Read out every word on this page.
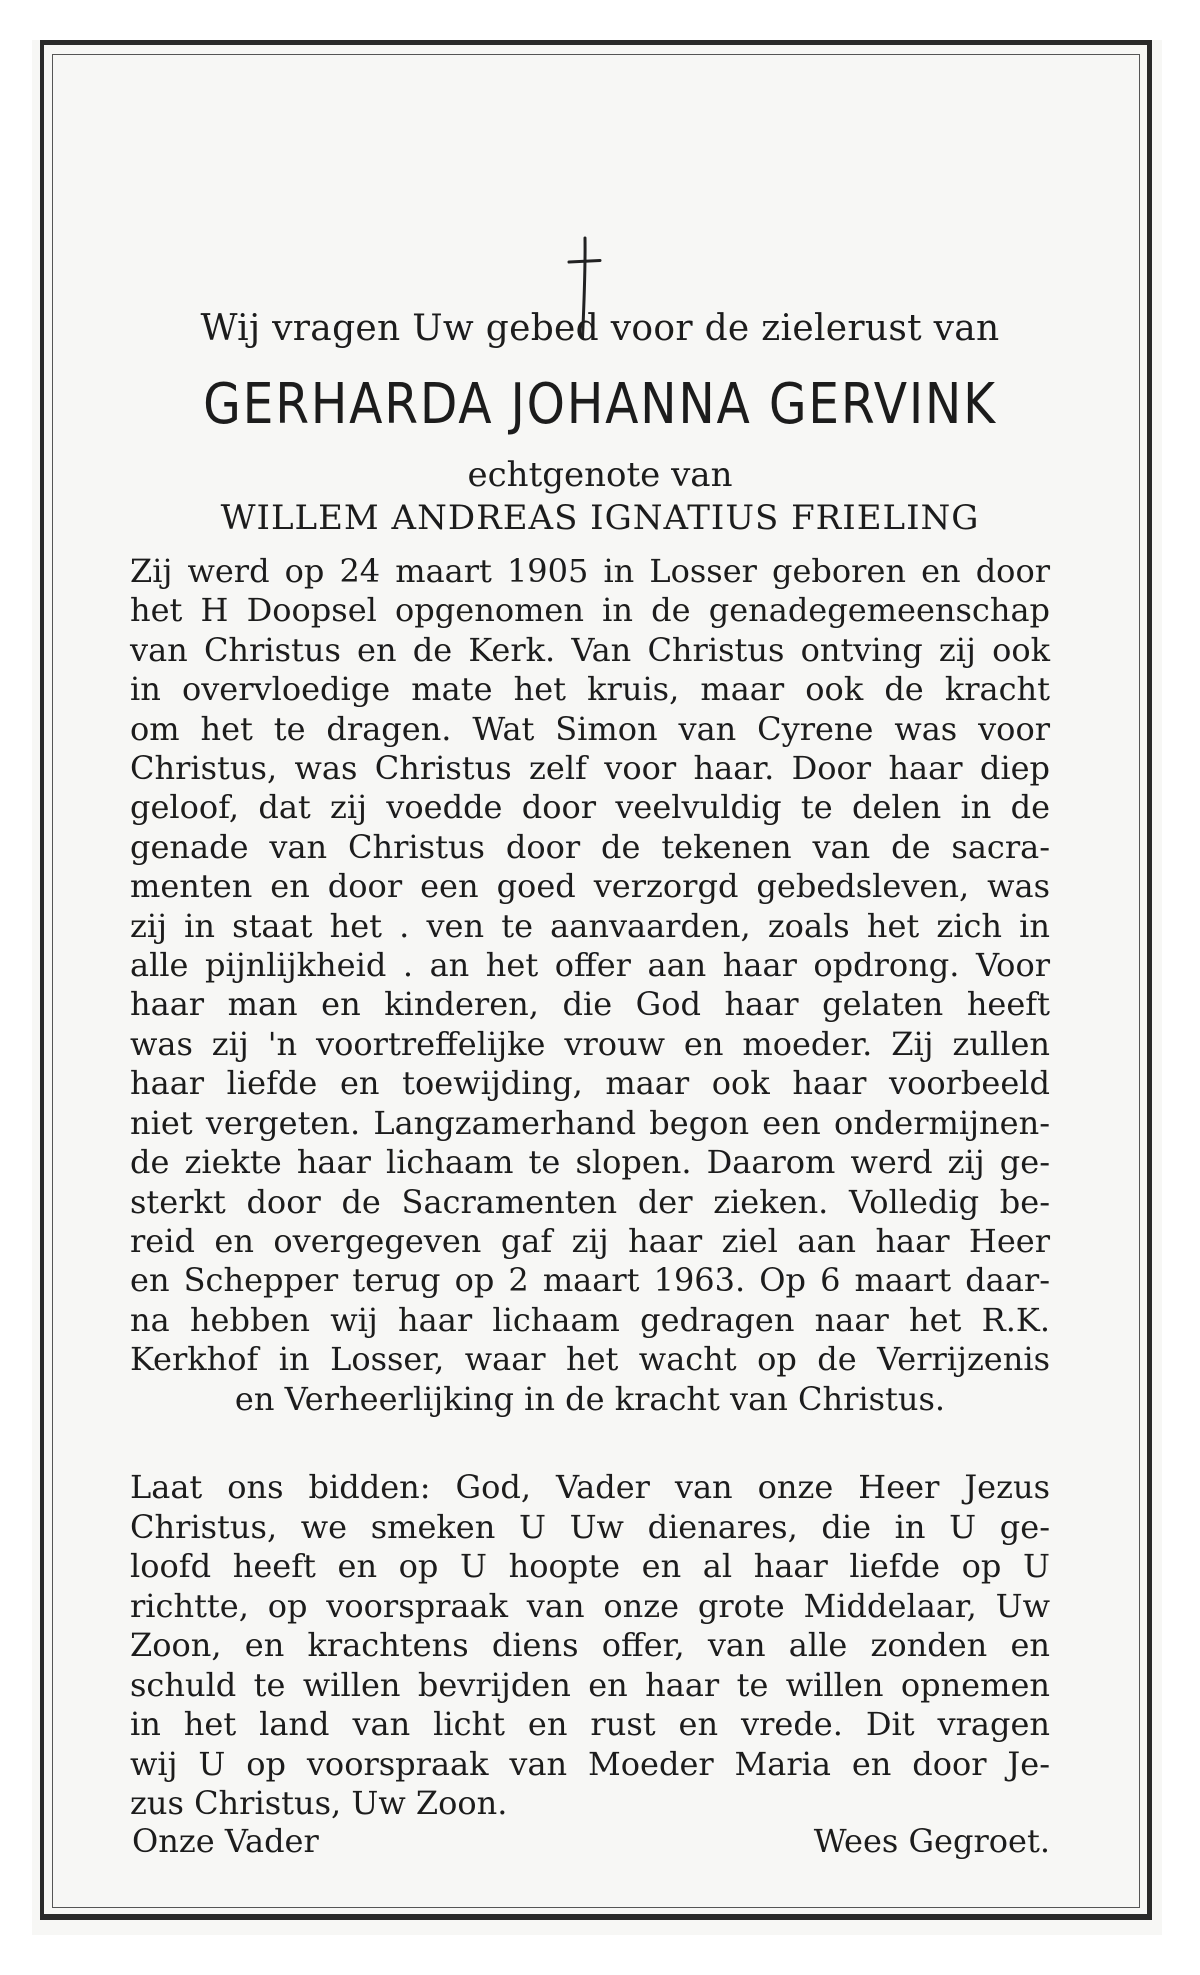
Wij vragen Uw gebed voor de zielerust van
GERHARDA JOHANNA GERVINK
echtgenote van
WILLEM ANDREAS IGNATIUS FRIELING
Zij werd op 24 maart 1905 in Losser geboren en door
het H Doopsel opgenomen in de genadegemeenschap
van Christus en de Kerk. Van Christus ontving zij ook
in overvloedige mate het kruis, maar ook de kracht
om het te dragen. Wat Simon van Cyrene was voor
Christus, was Christus zelf voor haar. Door haar diep
geloof, dat zij voedde door veelvuldig te delen in de
genade van Christus door de tekenen van de sacra-
menten en door een goed verzorgd gebedsleven, was
zij in staat het . ven te aanvaarden, zoals het zich in
alle pijnlijkheid . an het offer aan haar opdrong. Voor
haar man en kinderen, die God haar gelaten heeft
was zij 'n voortreffelijke vrouw en moeder. Zij zullen
haar liefde en toewijding, maar ook haar voorbeeld
niet vergeten. Langzamerhand begon een ondermijnen-
de ziekte haar lichaam te slopen. Daarom werd zij ge-
sterkt door de Sacramenten der zieken. Volledig be-
reid en overgegeven gaf zij haar ziel aan haar Heer
en Schepper terug op 2 maart 1963. Op 6 maart daar-
na hebben wij haar lichaam gedragen naar het R.K.
Kerkhof in Losser, waar het wacht op de Verrijzenis
en Verheerlijking in de kracht van Christus.
Laat ons bidden: God, Vader van onze Heer Jezus
Christus, we smeken U Uw dienares, die in U ge-
loofd heeft en op U hoopte en al haar liefde op U
richtte, op voorspraak van onze grote Middelaar, Uw
Zoon, en krachtens diens offer, van alle zonden en
schuld te willen bevrijden en haar te willen opnemen
in het land van licht en rust en vrede. Dit vragen
wij U op voorspraak van Moeder Maria en door Je-
zus Christus, Uw Zoon.
Onze Vader	Wees Gegroet.
